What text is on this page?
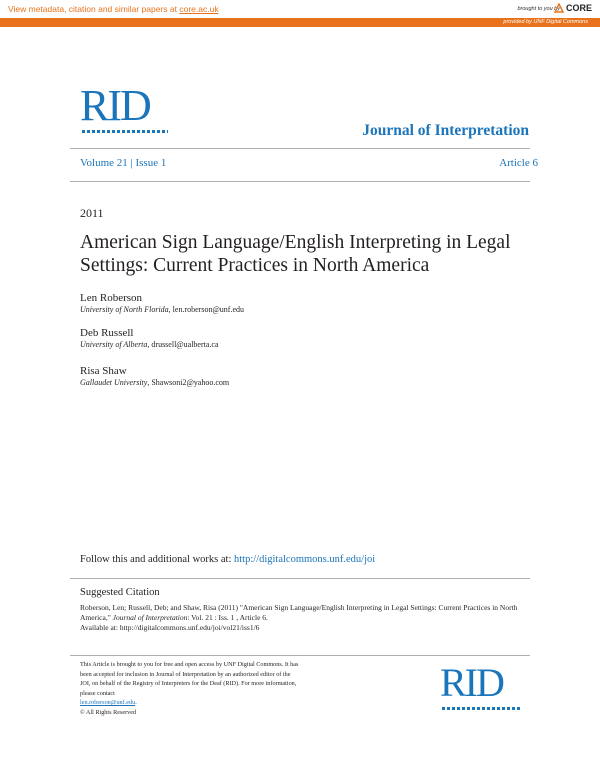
View metadata, citation and similar papers at core.ac.uk	brought to you by CORE
provided by UNF Digital Commons
RID
Journal of Interpretation
Volume 21 | Issue 1	Article 6
2011
American Sign Language/English Interpreting in Legal Settings: Current Practices in North America
Len Roberson
University of North Florida, len.roberson@unf.edu
Deb Russell
University of Alberta, drussell@ualberta.ca
Risa Shaw
Gallaudet University, Shawsoni2@yahoo.com
Follow this and additional works at: http://digitalcommons.unf.edu/joi
Suggested Citation
Roberson, Len; Russell, Deb; and Shaw, Risa (2011) "American Sign Language/English Interpreting in Legal Settings: Current Practices in North America," Journal of Interpretation: Vol. 21 : Iss. 1 , Article 6.
Available at: http://digitalcommons.unf.edu/joi/vol21/iss1/6
This Article is brought to you for free and open access by UNF Digital Commons. It has been accepted for inclusion in Journal of Interpretation by an authorized editor of the JOI, on behalf of the Registry of Interpreters for the Deaf (RID). For more information, please contact
len.roberson@unf.edu.
© All Rights Reserved
RID
